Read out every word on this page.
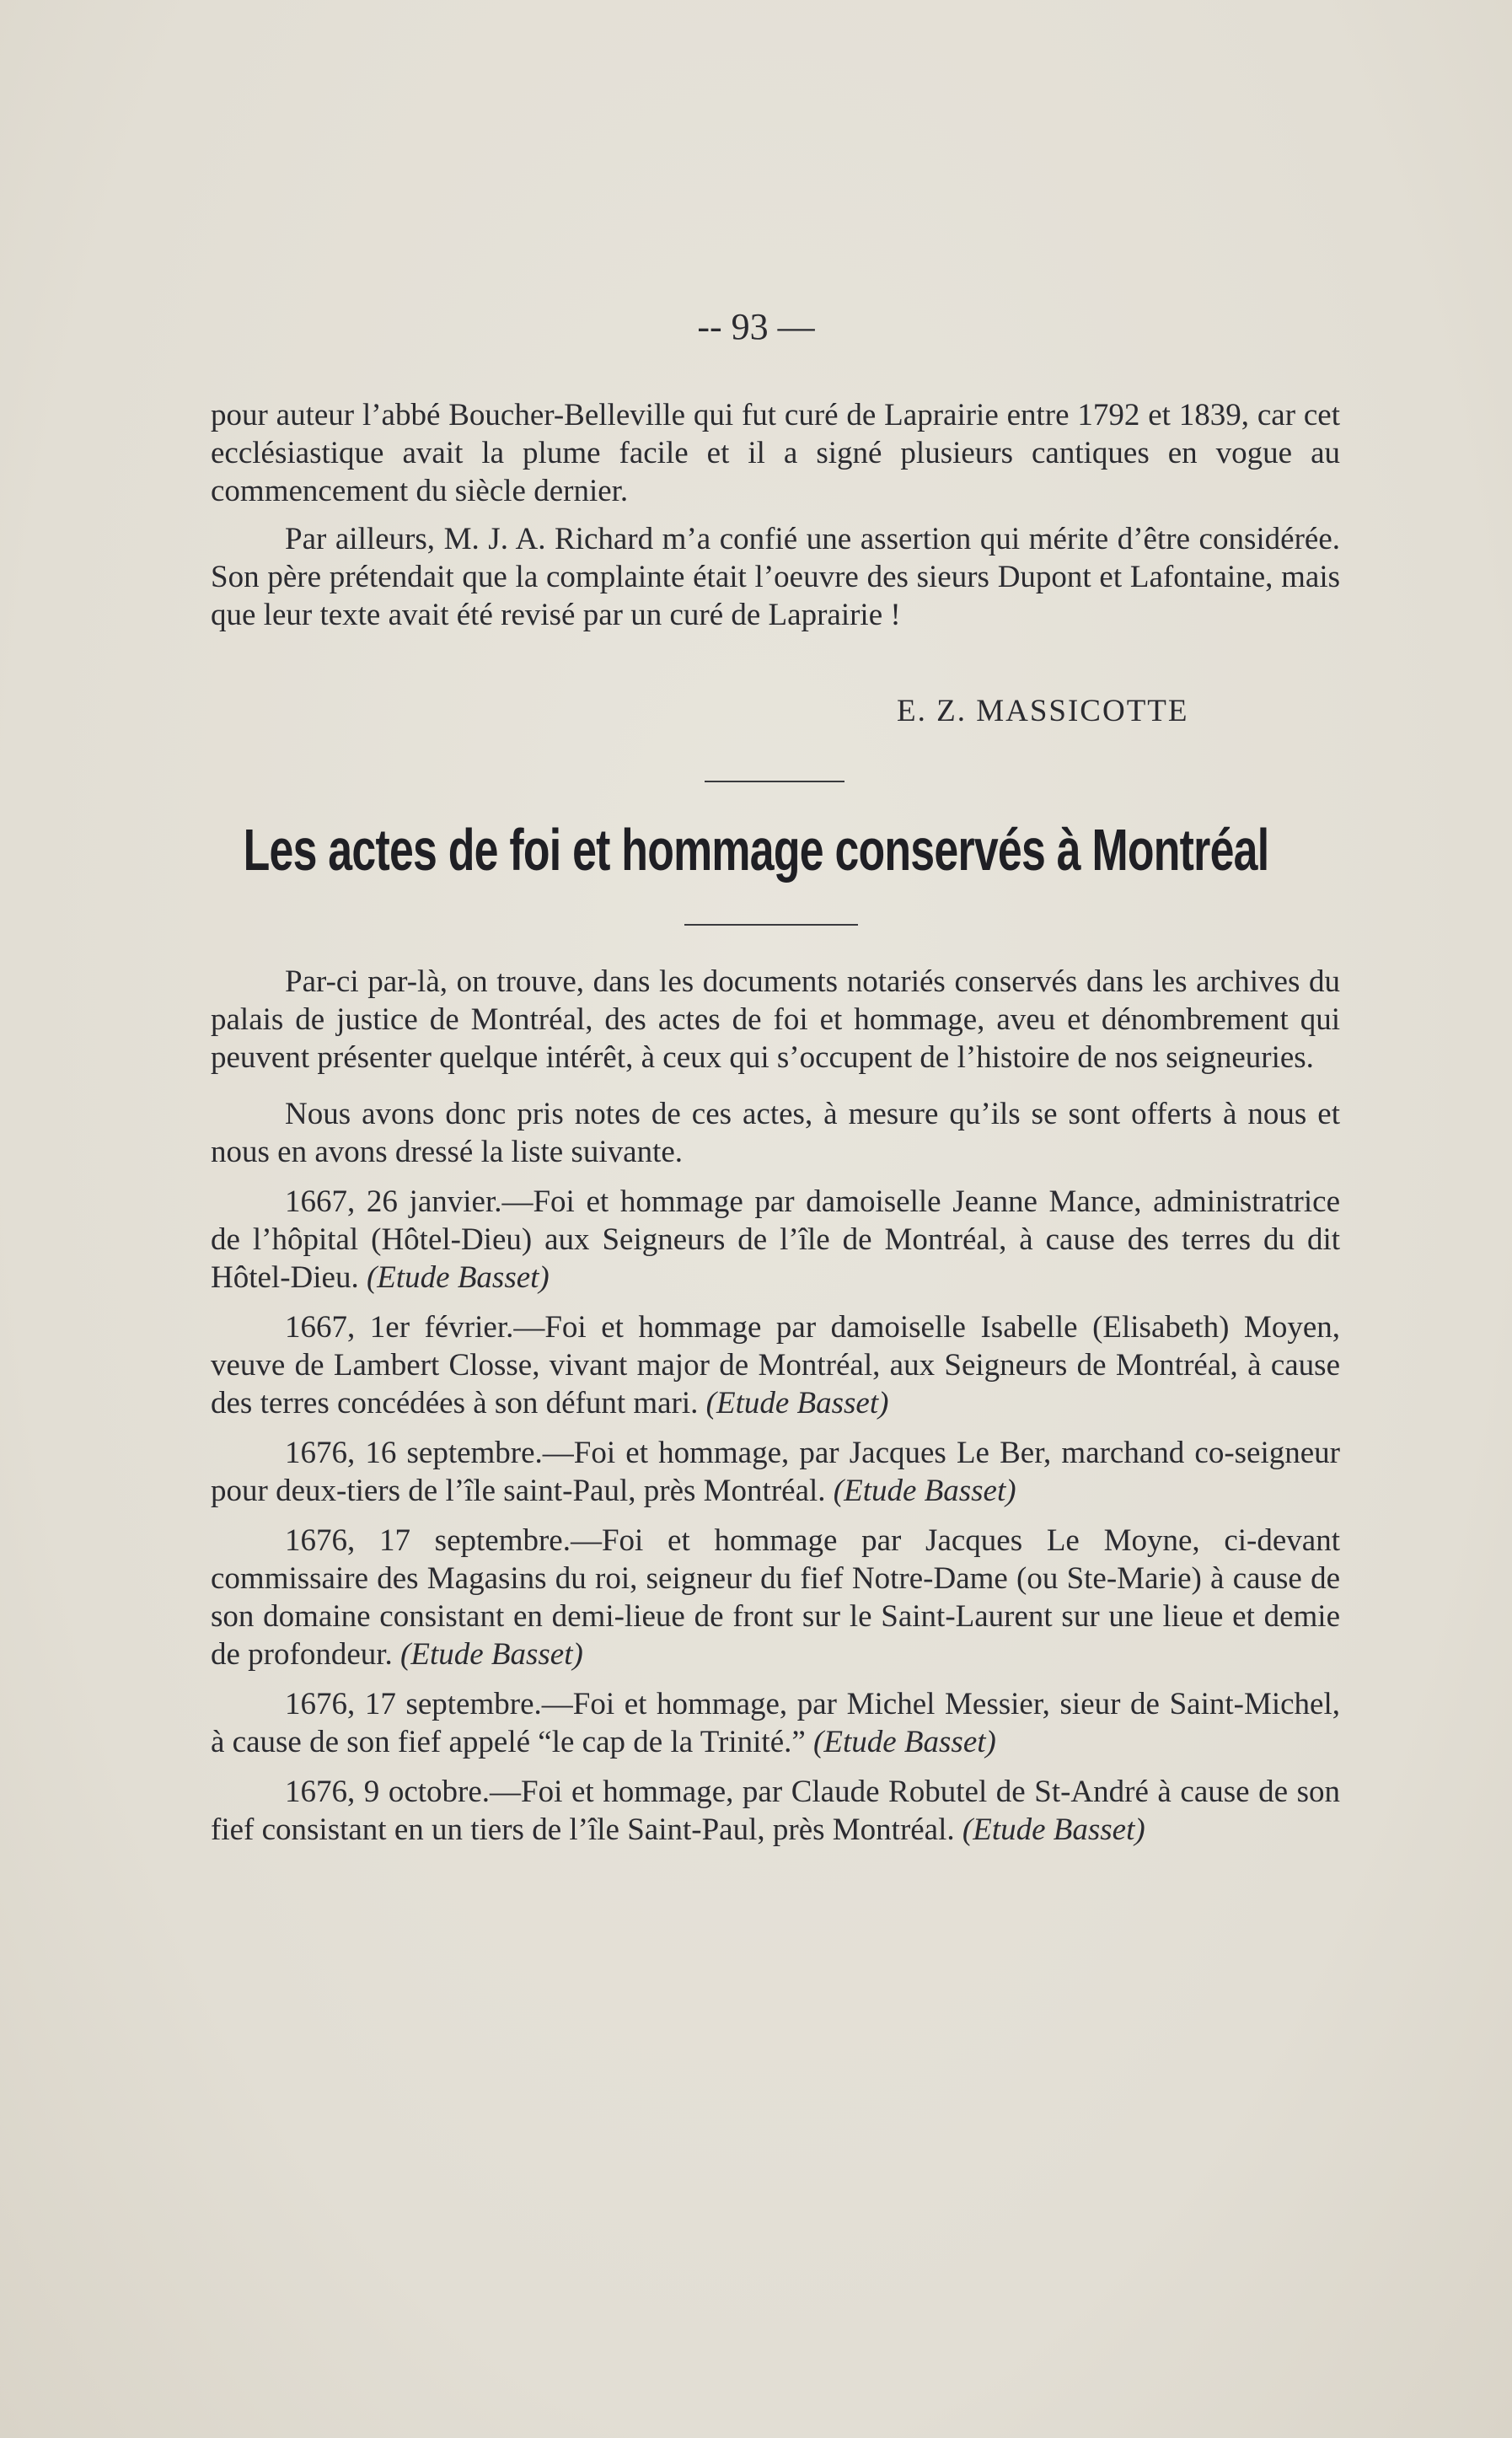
-- 93 —

pour auteur l’abbé Boucher-Belleville qui fut curé de Laprairie entre 1792 et 1839, car cet ecclésiastique avait la plume facile et il a signé plusieurs cantiques en vogue au commencement du siècle dernier.

Par ailleurs, M. J. A. Richard m’a confié une assertion qui mérite d’être considérée. Son père prétendait que la complainte était l’oeuvre des sieurs Dupont et Lafontaine, mais que leur texte avait été revisé par un curé de Laprairie !

E. Z. MASSICOTTE
Les actes de foi et hommage conservés à Montréal

Par-ci par-là, on trouve, dans les documents notariés conservés dans les archives du palais de justice de Montréal, des actes de foi et hommage, aveu et dénombrement qui peuvent présenter quelque intérêt, à ceux qui s’occupent de l’histoire de nos seigneuries.

Nous avons donc pris notes de ces actes, à mesure qu’ils se sont offerts à nous et nous en avons dressé la liste suivante.

1667, 26 janvier.—Foi et hommage par damoiselle Jeanne Mance, administratrice de l’hôpital (Hôtel-Dieu) aux Seigneurs de l’île de Montréal, à cause des terres du dit Hôtel-Dieu. (Etude Basset)

1667, 1er février.—Foi et hommage par damoiselle Isabelle (Elisabeth) Moyen, veuve de Lambert Closse, vivant major de Montréal, aux Seigneurs de Montréal, à cause des terres concédées à son défunt mari. (Etude Basset)

1676, 16 septembre.—Foi et hommage, par Jacques Le Ber, marchand co-seigneur pour deux-tiers de l’île saint-Paul, près Montréal. (Etude Basset)

1676, 17 septembre.—Foi et hommage par Jacques Le Moyne, ci-devant commissaire des Magasins du roi, seigneur du fief Notre-Dame (ou Ste-Marie) à cause de son domaine consistant en demi-lieue de front sur le Saint-Laurent sur une lieue et demie de profondeur. (Etude Basset)

1676, 17 septembre.—Foi et hommage, par Michel Messier, sieur de Saint-Michel, à cause de son fief appelé “le cap de la Trinité.” (Etude Basset)

1676, 9 octobre.—Foi et hommage, par Claude Robutel de St-André à cause de son fief consistant en un tiers de l’île Saint-Paul, près Montréal. (Etude Basset)
